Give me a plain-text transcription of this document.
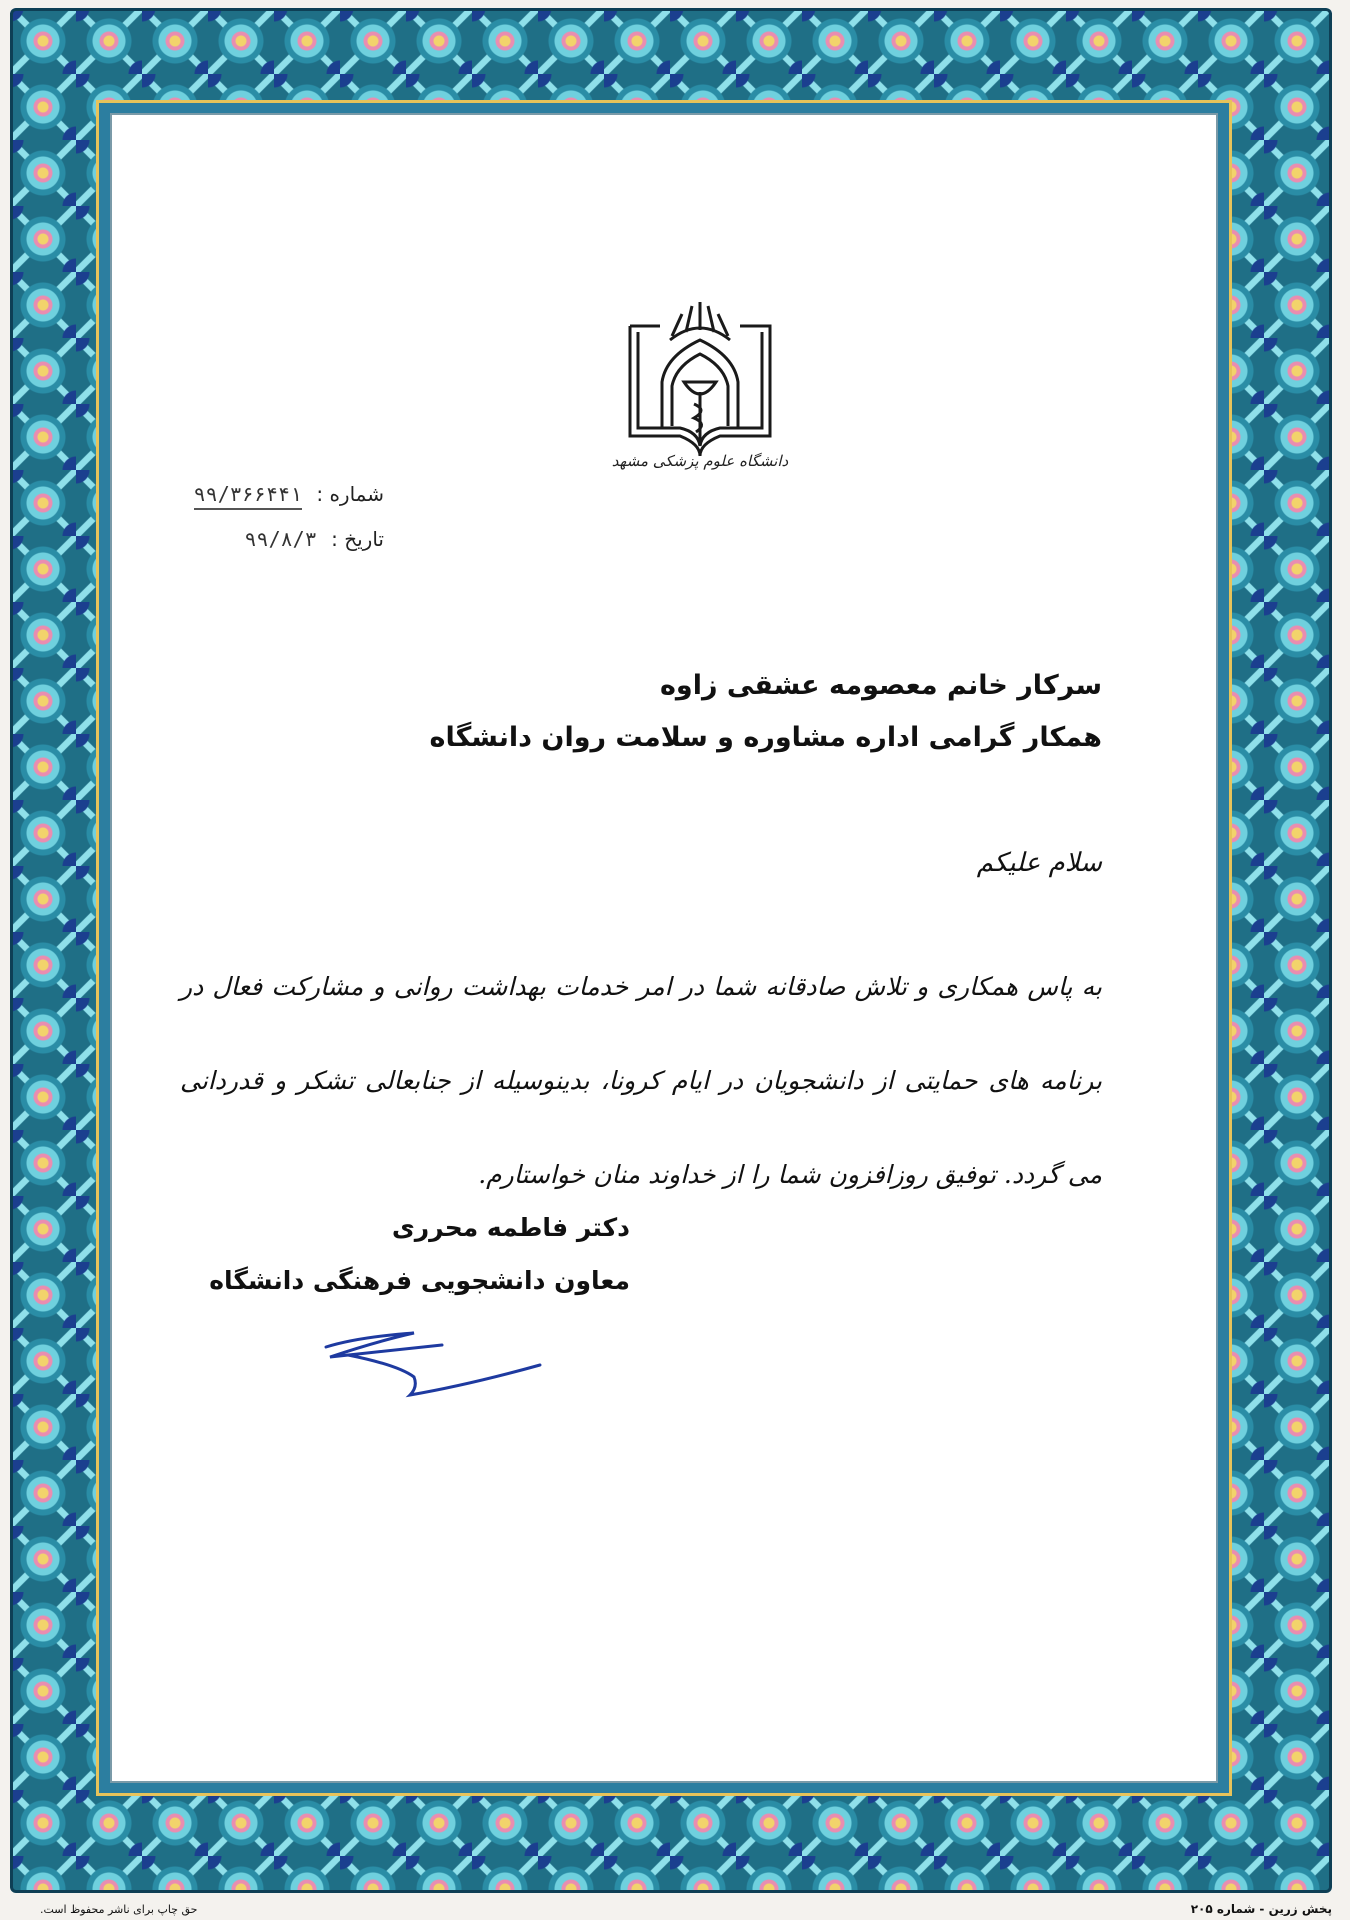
دانشگاه علوم پزشکی مشهد
شماره : ۹۹/۳۶۶۴۴۱
تاریخ : ۹۹/۸/۳
سرکار خانم معصومه عشقی زاوه
همکار گرامی اداره مشاوره و سلامت روان دانشگاه
سلام علیکم
به پاس همکاری و تلاش صادقانه شما در امر خدمات بهداشت روانی و مشارکت فعال در برنامه های حمایتی از دانشجویان در ایام کرونا، بدینوسیله از جنابعالی تشکر و قدردانی می گردد. توفیق روزافزون شما را از خداوند منان خواستارم.
دکتر فاطمه محرری
معاون دانشجویی فرهنگی دانشگاه
پخش زرین - شماره ۲۰۵
حق چاپ برای ناشر محفوظ است.
